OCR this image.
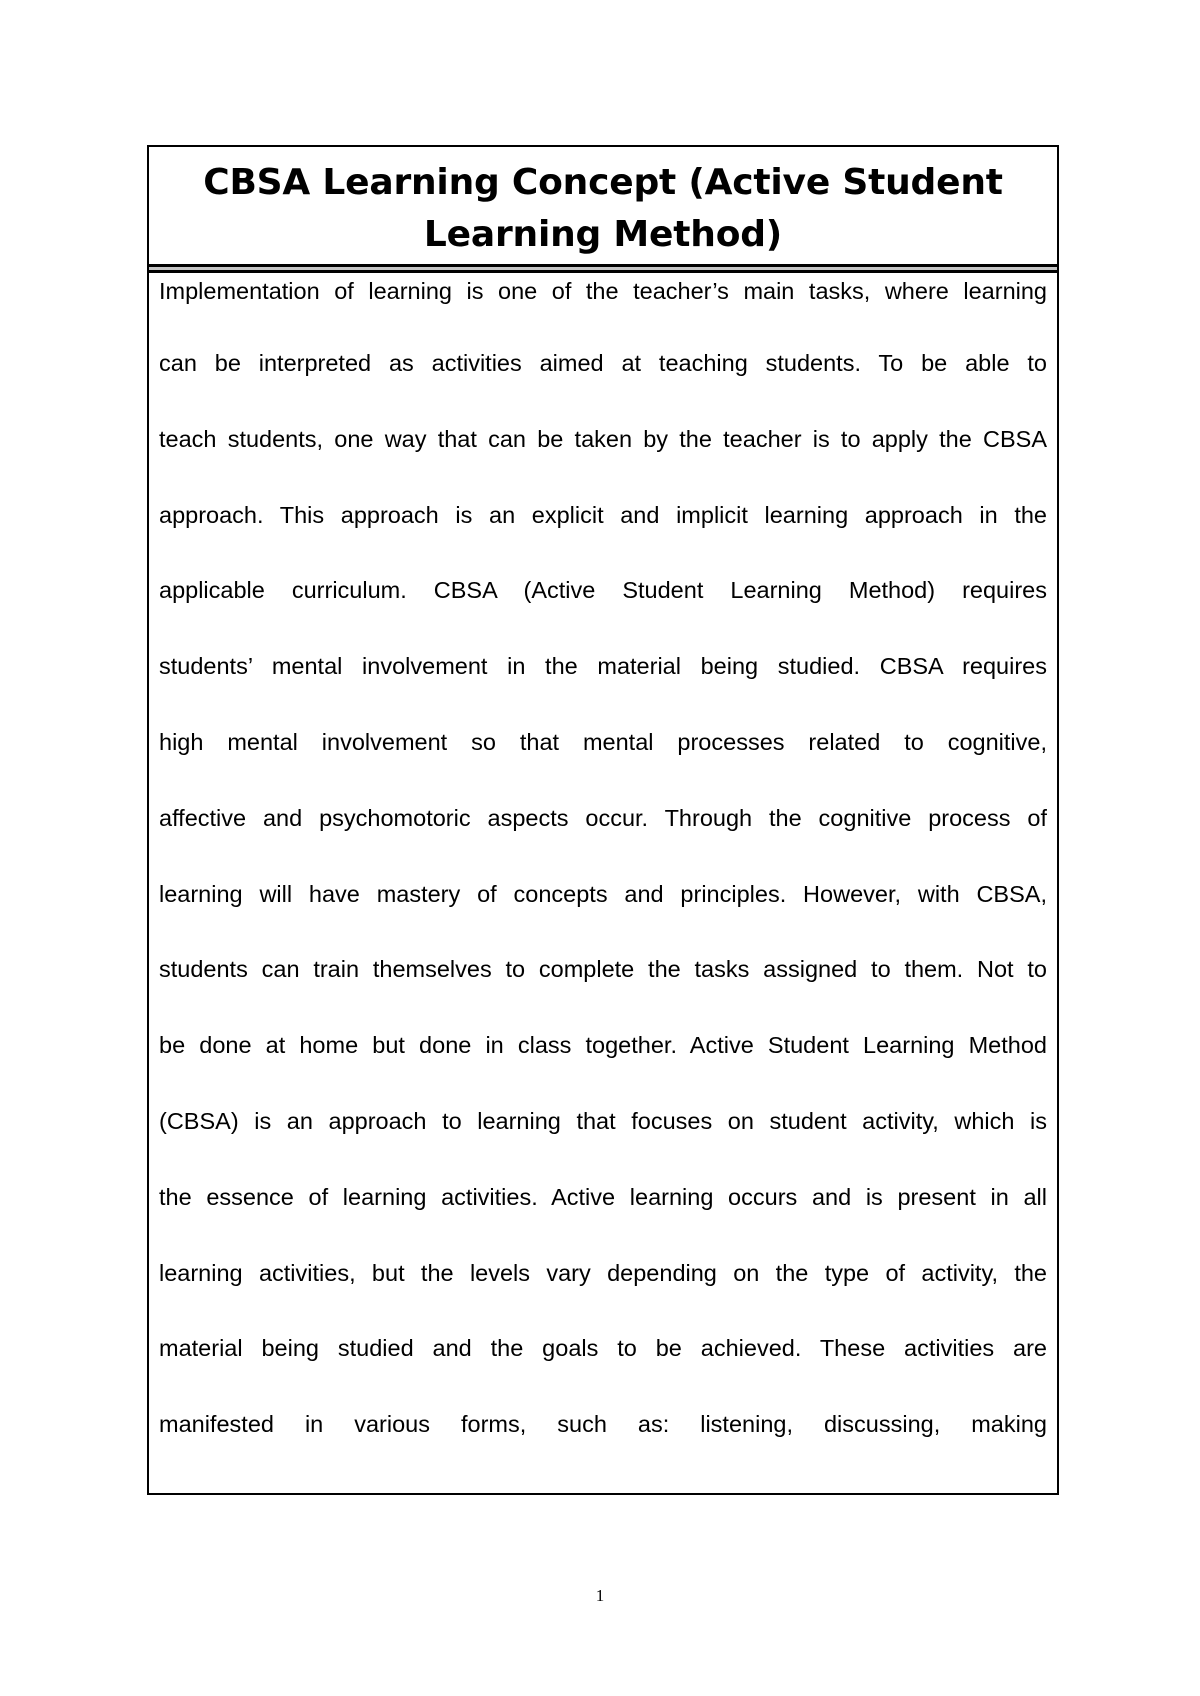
CBSA Learning Concept (Active Student
Learning Method)
Implementation of learning is one of the teacher’s main tasks, where learning
can be interpreted as activities aimed at teaching students. To be able to
teach students, one way that can be taken by the teacher is to apply the CBSA
approach. This approach is an explicit and implicit learning approach in the
applicable curriculum. CBSA (Active Student Learning Method) requires
students’ mental involvement in the material being studied. CBSA requires
high mental involvement so that mental processes related to cognitive,
affective and psychomotoric aspects occur. Through the cognitive process of
learning will have mastery of concepts and principles. However, with CBSA,
students can train themselves to complete the tasks assigned to them. Not to
be done at home but done in class together. Active Student Learning Method
(CBSA) is an approach to learning that focuses on student activity, which is
the essence of learning activities. Active learning occurs and is present in all
learning activities, but the levels vary depending on the type of activity, the
material being studied and the goals to be achieved. These activities are
manifested in various forms, such as: listening, discussing, making
1
